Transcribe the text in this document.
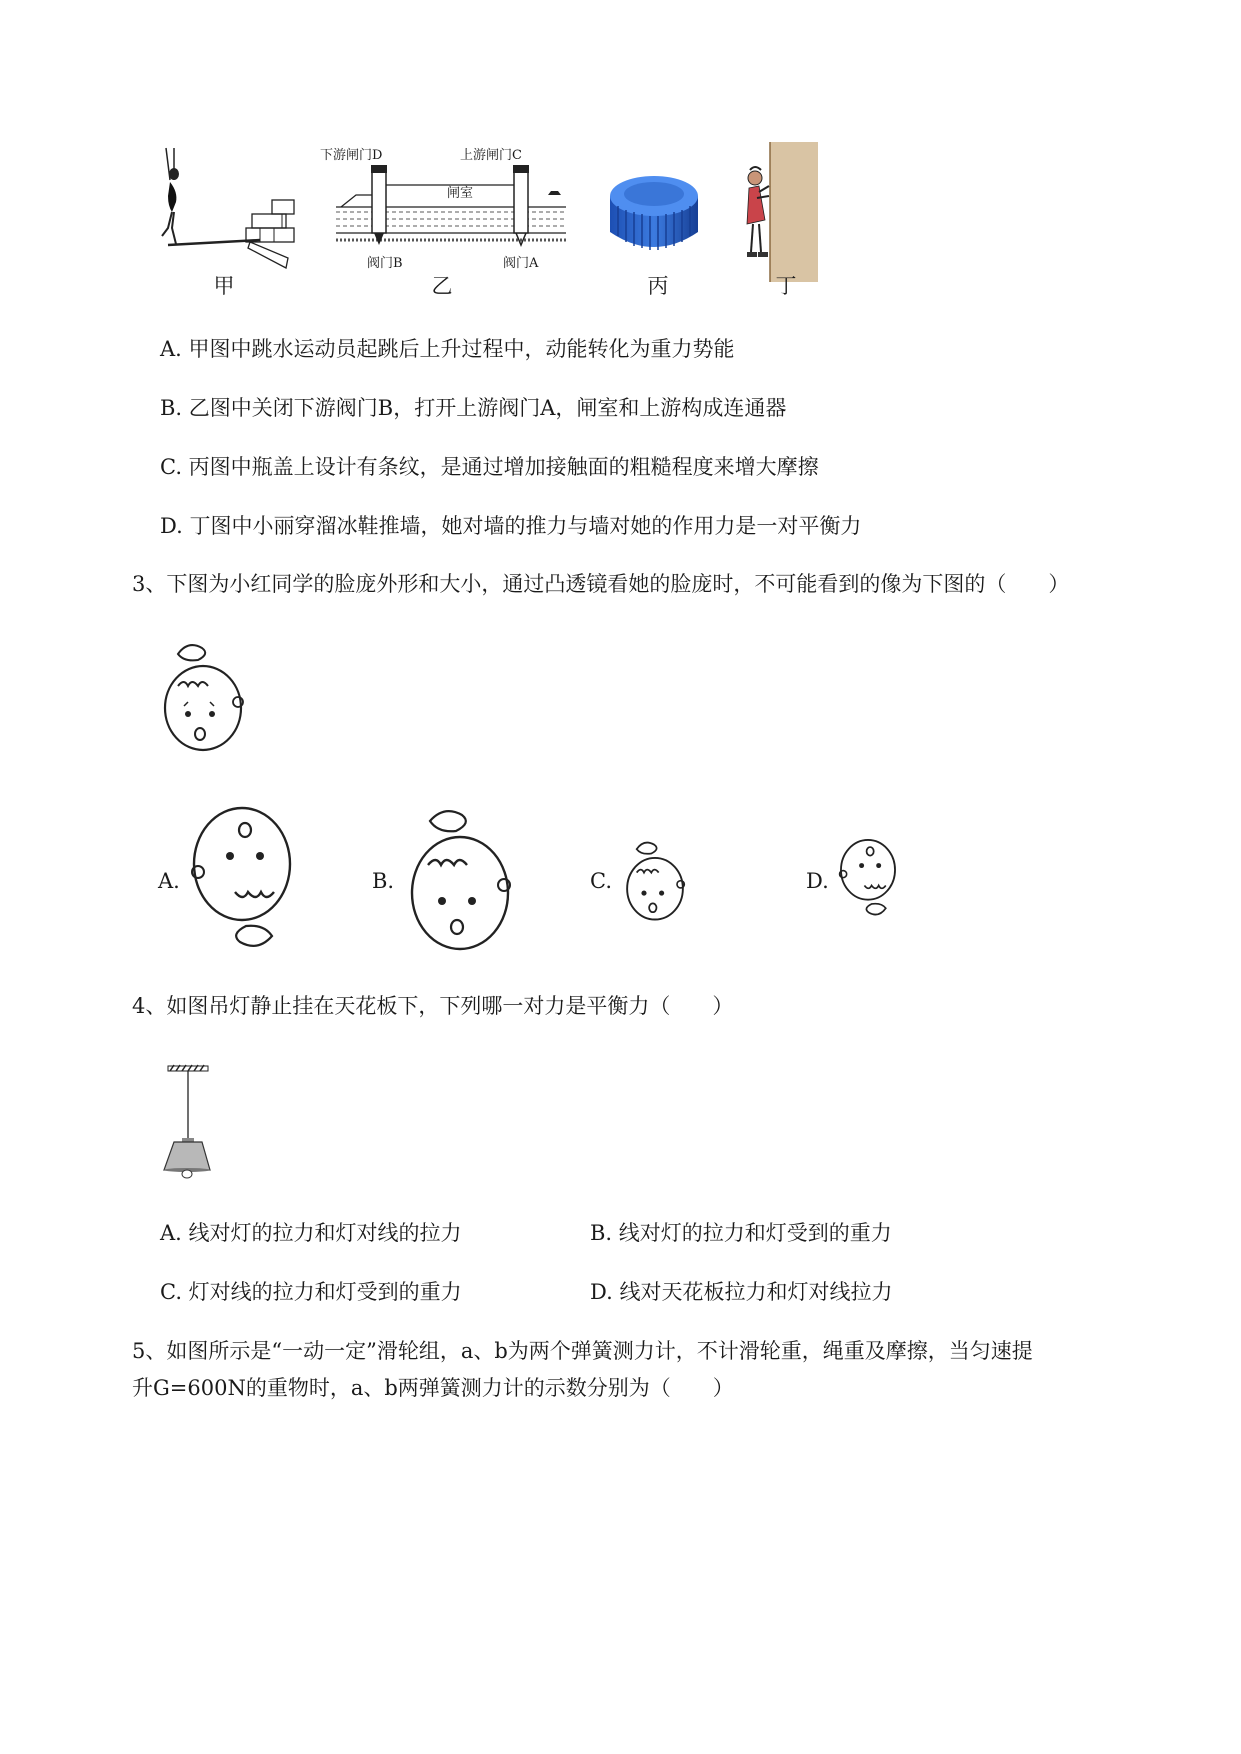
下游闸门D	上游闸门C
闸室
阀门B	阀门A
甲	乙	丙	丁
A. 甲图中跳水运动员起跳后上升过程中，动能转化为重力势能
B. 乙图中关闭下游阀门B，打开上游阀门A，闸室和上游构成连通器
C. 丙图中瓶盖上设计有条纹，是通过增加接触面的粗糙程度来增大摩擦
D. 丁图中小丽穿溜冰鞋推墙，她对墙的推力与墙对她的作用力是一对平衡力
3、下图为小红同学的脸庞外形和大小，通过凸透镜看她的脸庞时，不可能看到的像为下图的（　　）
A.	B.	C.	D.
4、如图吊灯静止挂在天花板下，下列哪一对力是平衡力（　　）
A. 线对灯的拉力和灯对线的拉力	B. 线对灯的拉力和灯受到的重力
C. 灯对线的拉力和灯受到的重力	D. 线对天花板拉力和灯对线拉力
5、如图所示是“一动一定”滑轮组，a、b为两个弹簧测力计，不计滑轮重，绳重及摩擦，当匀速提
升G=600N的重物时，a、b两弹簧测力计的示数分别为（　　）
